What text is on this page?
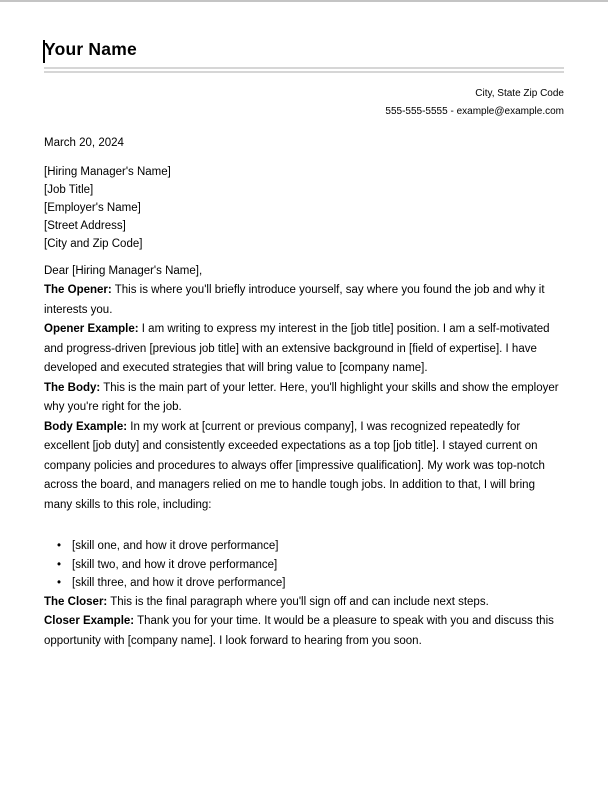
Your Name
City, State Zip Code
555-555-5555 - example@example.com

March 20, 2024

[Hiring Manager's Name]
[Job Title]
[Employer's Name]
[Street Address]
[City and Zip Code]

Dear [Hiring Manager's Name],

The Opener: This is where you'll briefly introduce yourself, say where you found the job and why it interests you.

Opener Example: I am writing to express my interest in the [job title] position. I am a self-motivated and progress-driven [previous job title] with an extensive background in [field of expertise]. I have developed and executed strategies that will bring value to [company name].

The Body: This is the main part of your letter. Here, you'll highlight your skills and show the employer why you're right for the job.

Body Example: In my work at [current or previous company], I was recognized repeatedly for excellent [job duty] and consistently exceeded expectations as a top [job title]. I stayed current on company policies and procedures to always offer [impressive qualification]. My work was top-notch across the board, and managers relied on me to handle tough jobs. In addition to that, I will bring many skills to this role, including:

• [skill one, and how it drove performance]
• [skill two, and how it drove performance]
• [skill three, and how it drove performance]

The Closer: This is the final paragraph where you'll sign off and can include next steps.

Closer Example: Thank you for your time. It would be a pleasure to speak with you and discuss this opportunity with [company name]. I look forward to hearing from you soon.
